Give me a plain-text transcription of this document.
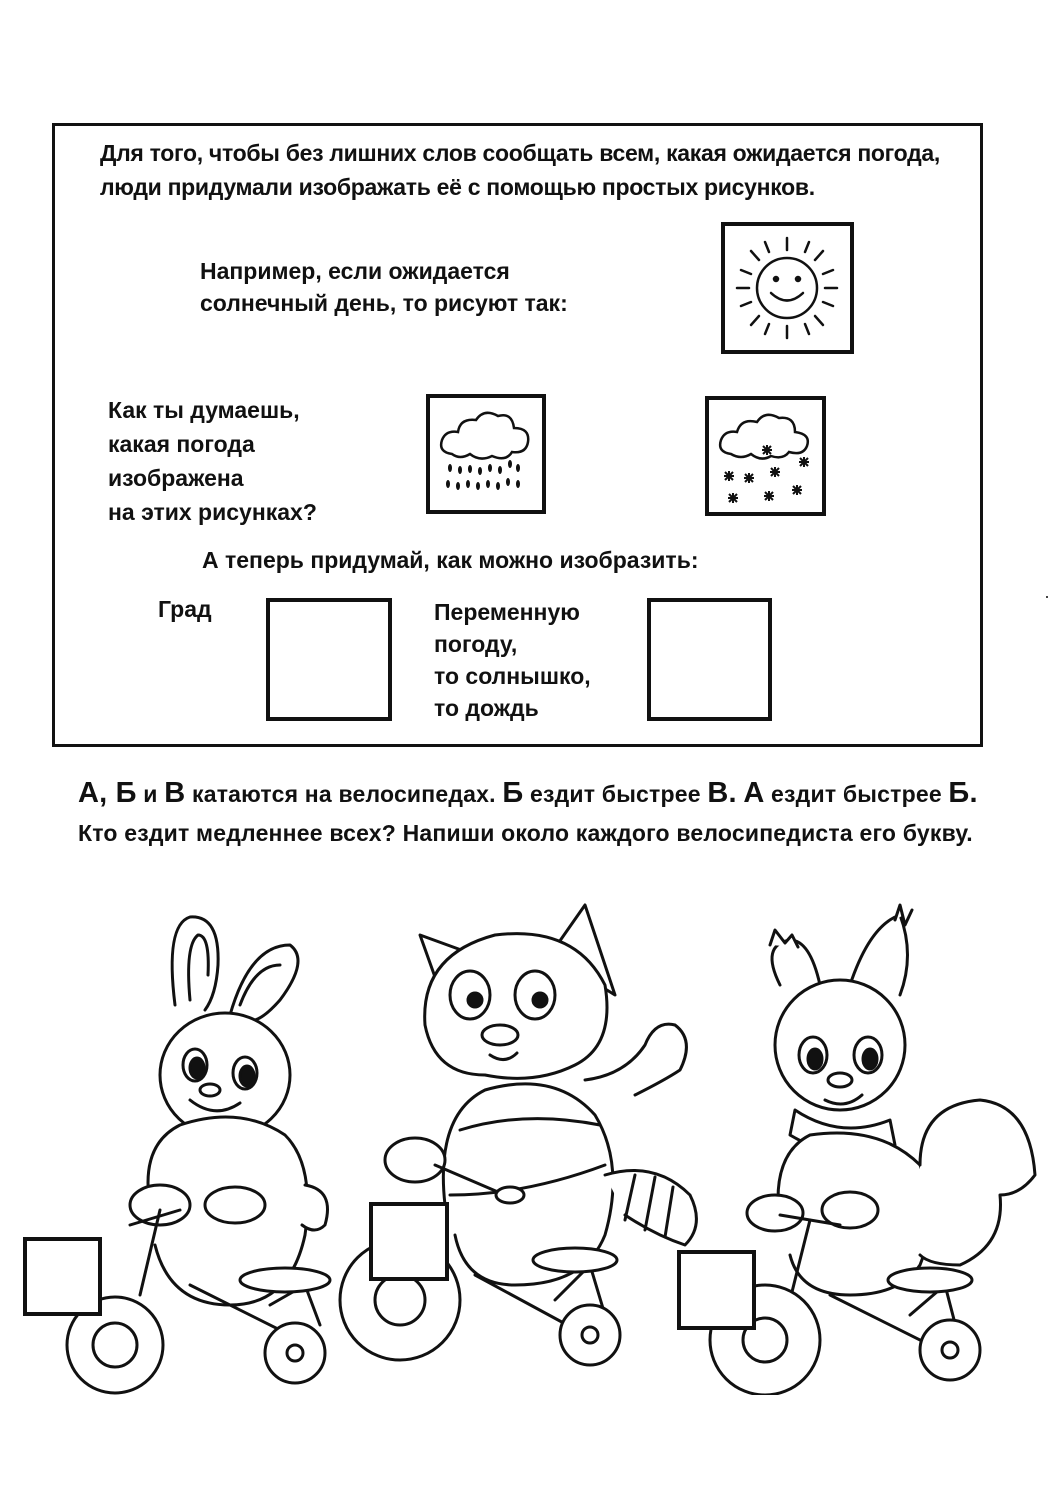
Для того, чтобы без лишних слов сообщать всем, какая ожидается погода, люди придумали изображать её с помощью простых рисунков.
Например, если ожидается
солнечный день, то рисуют так:
Как ты думаешь,
какая погода
изображена
на этих рисунках?
А теперь придумай, как можно изобразить:
Град	Переменную
погоду,
то солнышко,
то дождь
А, Б и В катаются на велосипедах. Б ездит быстрее В. А ездит быстрее Б. Кто ездит медленнее всех? Напиши около каждого велосипедиста его букву.
